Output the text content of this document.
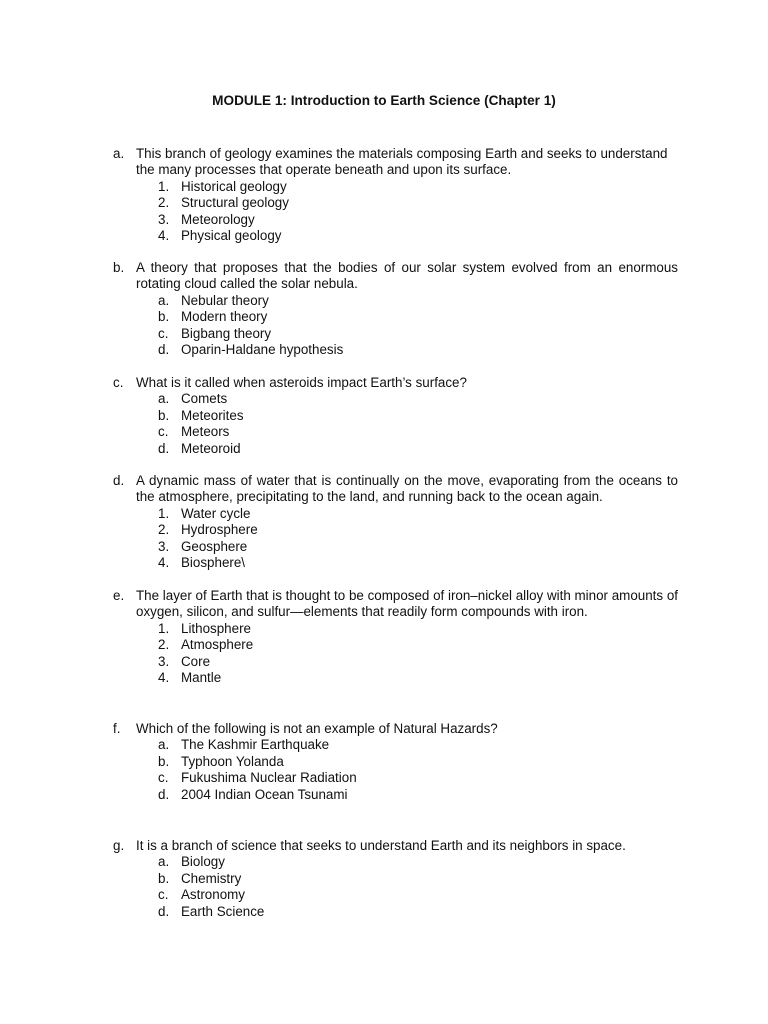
MODULE 1: Introduction to Earth Science (Chapter 1)
a. This branch of geology examines the materials composing Earth and seeks to understand the many processes that operate beneath and upon its surface.
1. Historical geology
2. Structural geology
3. Meteorology
4. Physical geology
b. A theory that proposes that the bodies of our solar system evolved from an enormous rotating cloud called the solar nebula.
a. Nebular theory
b. Modern theory
c. Bigbang theory
d. Oparin-Haldane hypothesis
c. What is it called when asteroids impact Earth’s surface?
a. Comets
b. Meteorites
c. Meteors
d. Meteoroid
d. A dynamic mass of water that is continually on the move, evaporating from the oceans to the atmosphere, precipitating to the land, and running back to the ocean again.
1. Water cycle
2. Hydrosphere
3. Geosphere
4. Biosphere\
e. The layer of Earth that is thought to be composed of iron–nickel alloy with minor amounts of oxygen, silicon, and sulfur—elements that readily form compounds with iron.
1. Lithosphere
2. Atmosphere
3. Core
4. Mantle
f. Which of the following is not an example of Natural Hazards?
a. The Kashmir Earthquake
b. Typhoon Yolanda
c. Fukushima Nuclear Radiation
d. 2004 Indian Ocean Tsunami
g. It is a branch of science that seeks to understand Earth and its neighbors in space.
a. Biology
b. Chemistry
c. Astronomy
d. Earth Science
